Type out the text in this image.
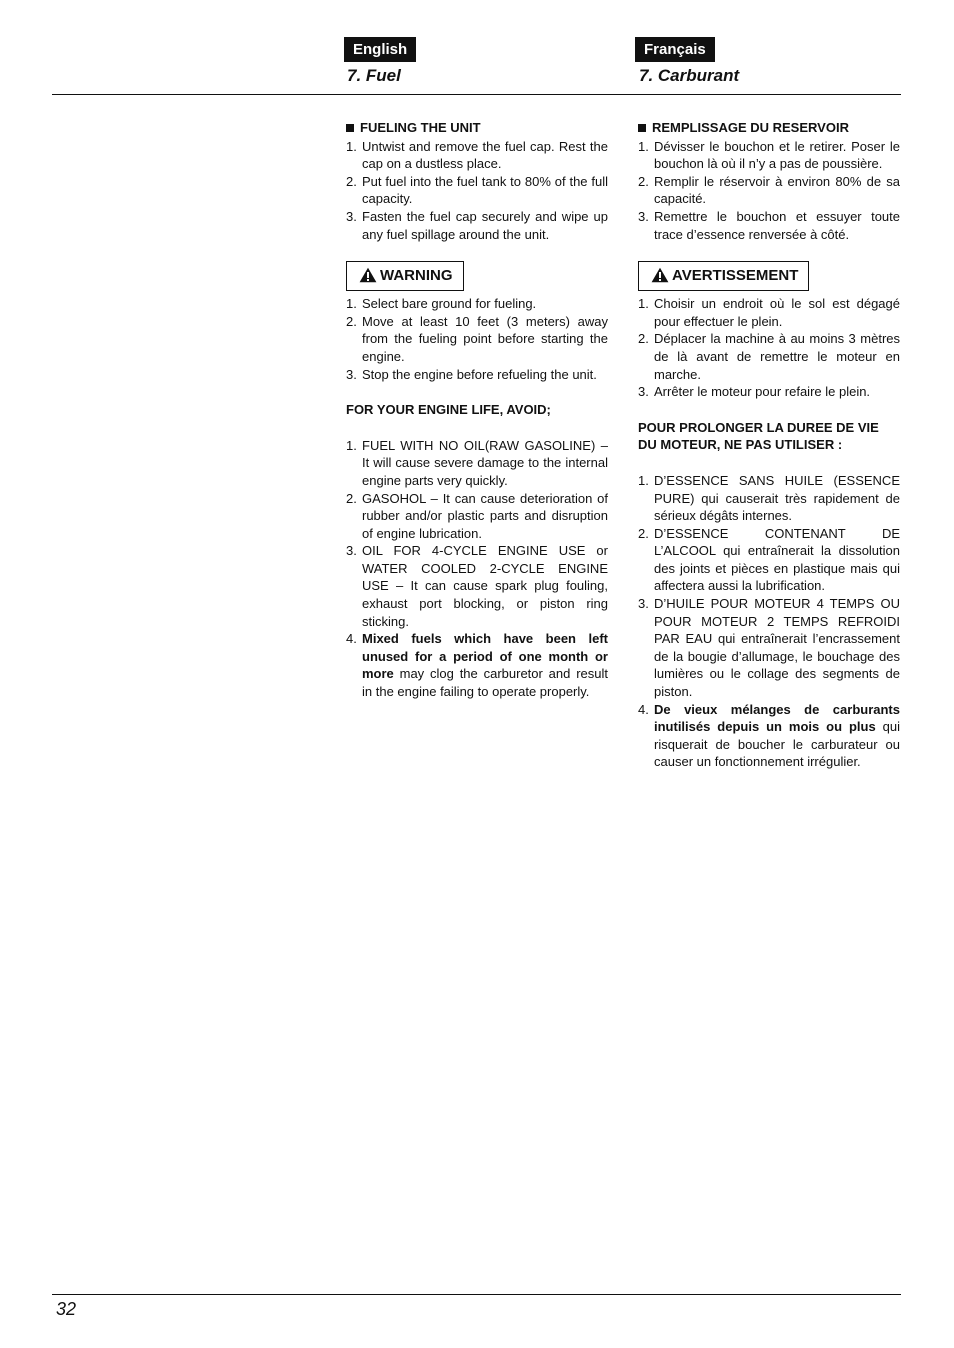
English	Français
7. Fuel	7. Carburant

FUELING THE UNIT

1. Untwist and remove the fuel cap. Rest the cap on a dustless place.
2. Put fuel into the fuel tank to 80% of the full capacity.
3. Fasten the fuel cap securely and wipe up any fuel spillage around the unit.
WARNING
1. Select bare ground for fueling.
2. Move at least 10 feet (3 meters) away from the fueling point before starting the engine.
3. Stop the engine before refueling the unit.

FOR YOUR ENGINE LIFE, AVOID;

1. FUEL WITH NO OIL(RAW GASOLINE) – It will cause severe damage to the internal engine parts very quickly.
2. GASOHOL – It can cause deterioration of rubber and/or plastic parts and disruption of engine lubrication.
3. OIL FOR 4-CYCLE ENGINE USE or WATER COOLED 2-CYCLE ENGINE USE – It can cause spark plug fouling, exhaust port blocking, or piston ring sticking.
4. Mixed fuels which have been left unused for a period of one month or more may clog the carburetor and result in the engine failing to operate properly.

REMPLISSAGE DU RESERVOIR

1. Dévisser le bouchon et le retirer. Poser le bouchon là où il n’y a pas de poussière.
2. Remplir le réservoir à environ 80% de sa capacité.
3. Remettre le bouchon et essuyer toute trace d’essence renversée à côté.
AVERTISSEMENT
1. Choisir un endroit où le sol est dégagé pour effectuer le plein.
2. Déplacer la machine à au moins 3 mètres de là avant de remettre le moteur en marche.
3. Arrêter le moteur pour refaire le plein.

POUR PROLONGER LA DUREE DE VIE DU MOTEUR, NE PAS UTILISER :

1. D’ESSENCE SANS HUILE (ESSENCE PURE) qui causerait très rapidement de sérieux dégâts internes.
2. D’ESSENCE CONTENANT DE L’ALCOOL qui entraînerait la dissolution des joints et pièces en plastique mais qui affectera aussi la lubrification.
3. D’HUILE POUR MOTEUR 4 TEMPS OU POUR MOTEUR 2 TEMPS REFROIDI PAR EAU qui entraînerait l’encrassement de la bougie d’allumage, le bouchage des lumières ou le collage des segments de piston.
4. De vieux mélanges de carburants inutilisés depuis un mois ou plus qui risquerait de boucher le carburateur ou causer un fonctionnement irrégulier.
32
